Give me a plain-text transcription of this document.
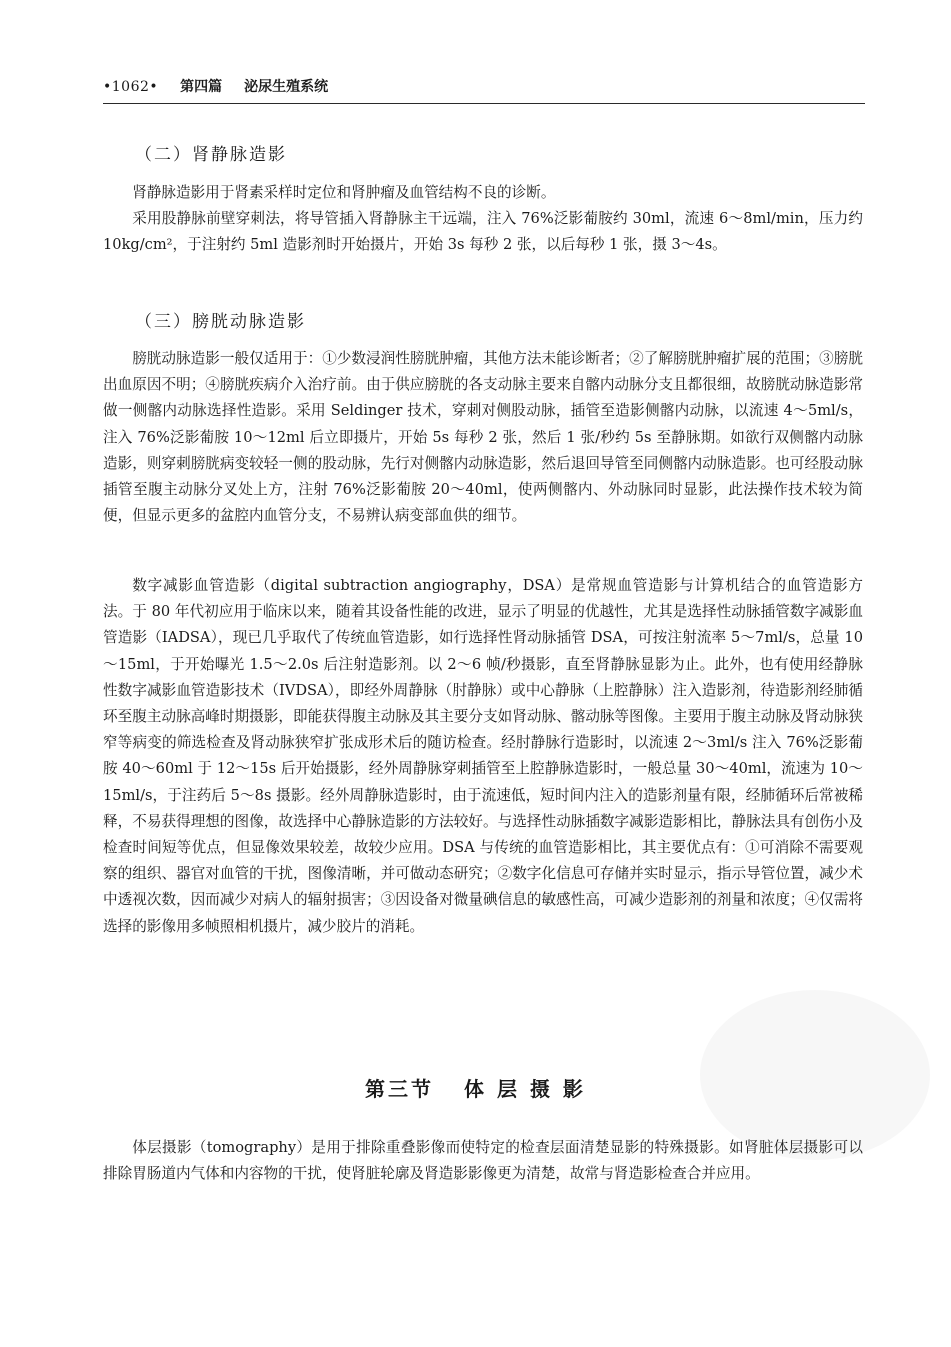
•1062• 第四篇 泌尿生殖系统
（二）肾静脉造影

肾静脉造影用于肾素采样时定位和肾肿瘤及血管结构不良的诊断。

采用股静脉前壁穿刺法，将导管插入肾静脉主干远端，注入 76%泛影葡胺约 30ml，流速 6～8ml/min，压力约 10kg/cm²，于注射约 5ml 造影剂时开始摄片，开始 3s 每秒 2 张，以后每秒 1 张，摄 3～4s。

（三）膀胱动脉造影

膀胱动脉造影一般仅适用于：①少数浸润性膀胱肿瘤，其他方法未能诊断者；②了解膀胱肿瘤扩展的范围；③膀胱出血原因不明；④膀胱疾病介入治疗前。由于供应膀胱的各支动脉主要来自髂内动脉分支且都很细，故膀胱动脉造影常做一侧髂内动脉选择性造影。采用 Seldinger 技术，穿刺对侧股动脉，插管至造影侧髂内动脉，以流速 4～5ml/s，注入 76%泛影葡胺 10～12ml 后立即摄片，开始 5s 每秒 2 张，然后 1 张/秒约 5s 至静脉期。如欲行双侧髂内动脉造影，则穿刺膀胱病变较轻一侧的股动脉，先行对侧髂内动脉造影，然后退回导管至同侧髂内动脉造影。也可经股动脉插管至腹主动脉分叉处上方，注射 76%泛影葡胺 20～40ml，使两侧髂内、外动脉同时显影，此法操作技术较为简便，但显示更多的盆腔内血管分支，不易辨认病变部血供的细节。

数字减影血管造影（digital subtraction angiography，DSA）是常规血管造影与计算机结合的血管造影方法。于 80 年代初应用于临床以来，随着其设备性能的改进，显示了明显的优越性，尤其是选择性动脉插管数字减影血管造影（IADSA），现已几乎取代了传统血管造影，如行选择性肾动脉插管 DSA，可按注射流率 5～7ml/s，总量 10～15ml，于开始曝光 1.5～2.0s 后注射造影剂。以 2～6 帧/秒摄影，直至肾静脉显影为止。此外，也有使用经静脉性数字减影血管造影技术（IVDSA），即经外周静脉（肘静脉）或中心静脉（上腔静脉）注入造影剂，待造影剂经肺循环至腹主动脉高峰时期摄影，即能获得腹主动脉及其主要分支如肾动脉、髂动脉等图像。主要用于腹主动脉及肾动脉狭窄等病变的筛选检查及肾动脉狭窄扩张成形术后的随访检查。经肘静脉行造影时，以流速 2～3ml/s 注入 76%泛影葡胺 40～60ml 于 12～15s 后开始摄影，经外周静脉穿刺插管至上腔静脉造影时，一般总量 30～40ml，流速为 10～15ml/s，于注药后 5～8s 摄影。经外周静脉造影时，由于流速低，短时间内注入的造影剂量有限，经肺循环后常被稀释，不易获得理想的图像，故选择中心静脉造影的方法较好。与选择性动脉插数字减影造影相比，静脉法具有创伤小及检查时间短等优点，但显像效果较差，故较少应用。DSA 与传统的血管造影相比，其主要优点有：①可消除不需要观察的组织、器官对血管的干扰，图像清晰，并可做动态研究；②数字化信息可存储并实时显示，指示导管位置，减少术中透视次数，因而减少对病人的辐射损害；③因设备对微量碘信息的敏感性高，可减少造影剂的剂量和浓度；④仅需将选择的影像用多帧照相机摄片，减少胶片的消耗。

第三节 体 层 摄 影

体层摄影（tomography）是用于排除重叠影像而使特定的检查层面清楚显影的特殊摄影。如肾脏体层摄影可以排除胃肠道内气体和内容物的干扰，使肾脏轮廓及肾造影影像更为清楚，故常与肾造影检查合并应用。
